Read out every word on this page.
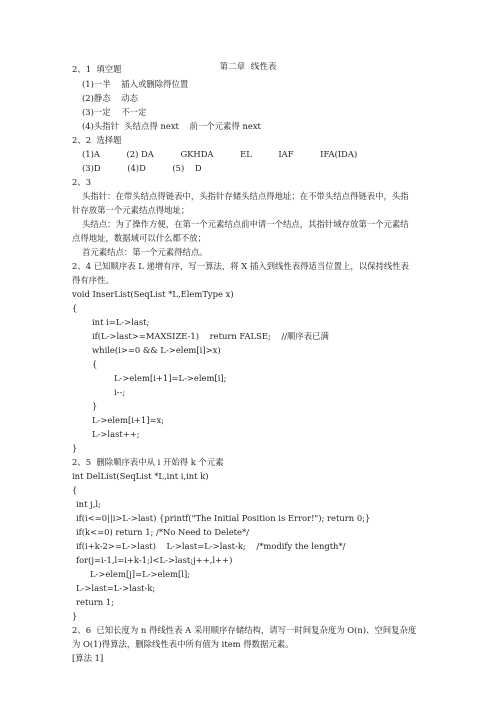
第二章  线性表
2、1  填空题
(1)一半    插入或删除得位置
(2)静态    动态
(3)一定    不一定
(4)头指针  头结点得 next    前一个元素得 next
2、2  选择题
(1)A          (2) DA          GKHDA          EL          IAF          IFA(IDA)
(3)D          (4)D          (5)    D
2、3
头指针：在带头结点得链表中，头指针存储头结点得地址；在不带头结点得链表中，头指
针存放第一个元素结点得地址；
头结点：为了操作方便，在第一个元素结点前申请一个结点，其指针域存放第一个元素结
点得地址，数据域可以什么都不放；
首元素结点：第一个元素得结点。
2、4 已知顺序表 L 递增有序，写一算法，将 X 插入到线性表得适当位置上，以保持线性表
得有序性。
void InserList(SeqList *L,ElemType x)
{
int i=L->last;
if(L->last>=MAXSIZE-1)    return FALSE;    //顺序表已满
while(i>=0 && L->elem[i]>x)
{
L->elem[i+1]=L->elem[i];
i--;
}
L->elem[i+1]=x;
L->last++;
}
2、5  删除顺序表中从 i 开始得 k 个元素
int DelList(SeqList *L,int i,int k)
{
int j,l;
if(i<=0||i>L->last) {printf("The Initial Position is Error!"); return 0;}
if(k<=0) return 1; /*No Need to Delete*/
if(i+k-2>=L->last)    L->last=L->last-k;    /*modify the length*/
for(j=i-1,l=i+k-1;l<L->last;j++,l++)
L->elem[j]=L->elem[l];
L->last=L->last-k;
return 1;
}
2、6  已知长度为 n 得线性表 A 采用顺序存储结构，请写一时间复杂度为 O(n)、空间复杂度
为 O(1)得算法，删除线性表中所有值为 item 得数据元素。
[算法 1]
